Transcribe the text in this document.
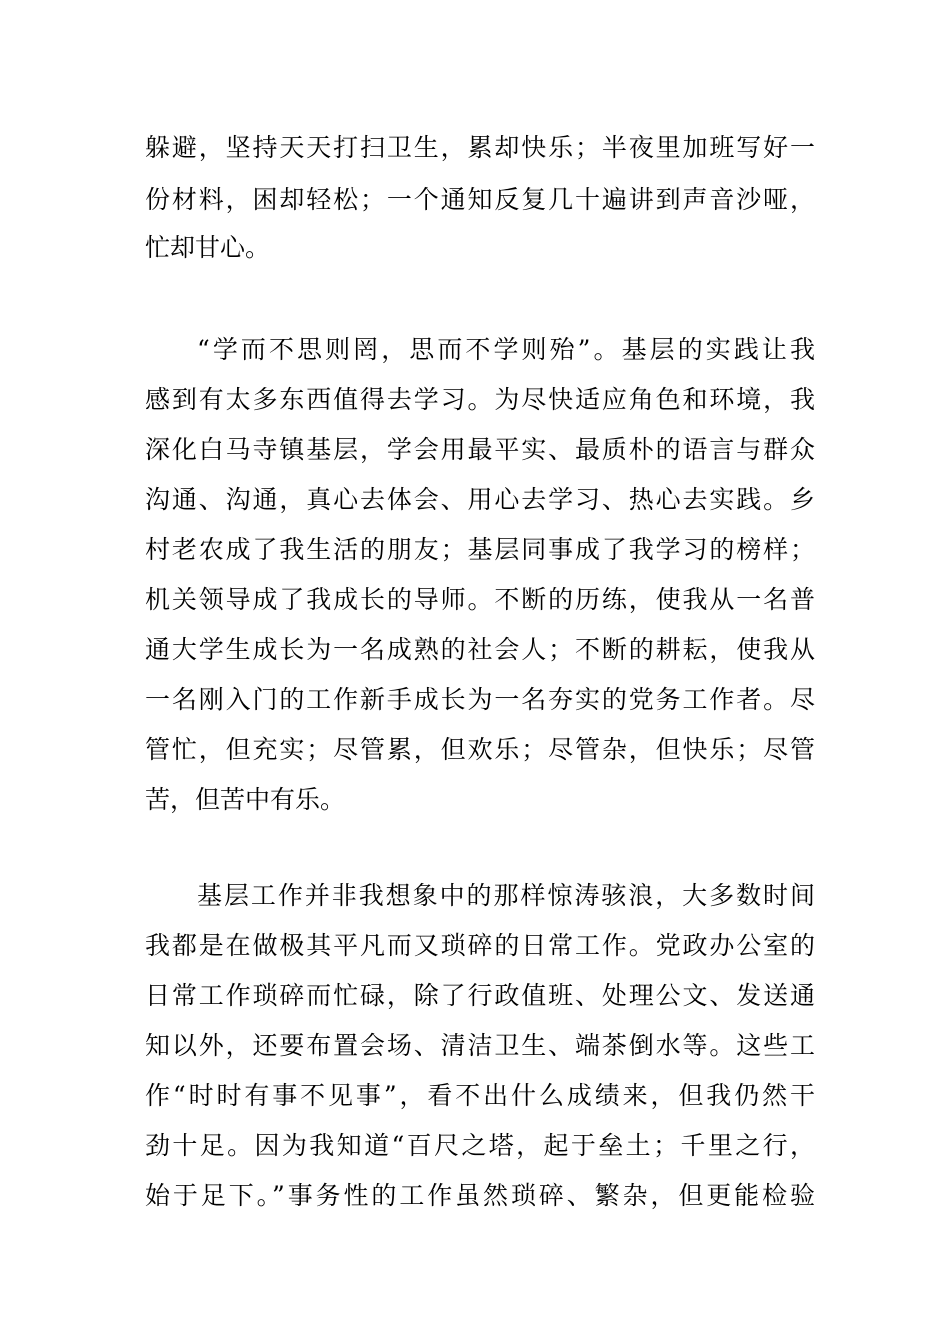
躲避，坚持天天打扫卫生，累却快乐；半夜里加班写好一
份材料，困却轻松；一个通知反复几十遍讲到声音沙哑，
忙却甘心。
“学而不思则罔，思而不学则殆”。基层的实践让我
感到有太多东西值得去学习。为尽快适应角色和环境，我
深化白马寺镇基层，学会用最平实、最质朴的语言与群众
沟通、沟通，真心去体会、用心去学习、热心去实践。乡
村老农成了我生活的朋友；基层同事成了我学习的榜样；
机关领导成了我成长的导师。不断的历练，使我从一名普
通大学生成长为一名成熟的社会人；不断的耕耘，使我从
一名刚入门的工作新手成长为一名夯实的党务工作者。尽
管忙，但充实；尽管累，但欢乐；尽管杂，但快乐；尽管
苦，但苦中有乐。
基层工作并非我想象中的那样惊涛骇浪，大多数时间
我都是在做极其平凡而又琐碎的日常工作。党政办公室的
日常工作琐碎而忙碌，除了行政值班、处理公文、发送通
知以外，还要布置会场、清洁卫生、端茶倒水等。这些工
作“时时有事不见事”，看不出什么成绩来，但我仍然干
劲十足。因为我知道“百尺之塔，起于垒土；千里之行，
始于足下。”事务性的工作虽然琐碎、繁杂，但更能检验
